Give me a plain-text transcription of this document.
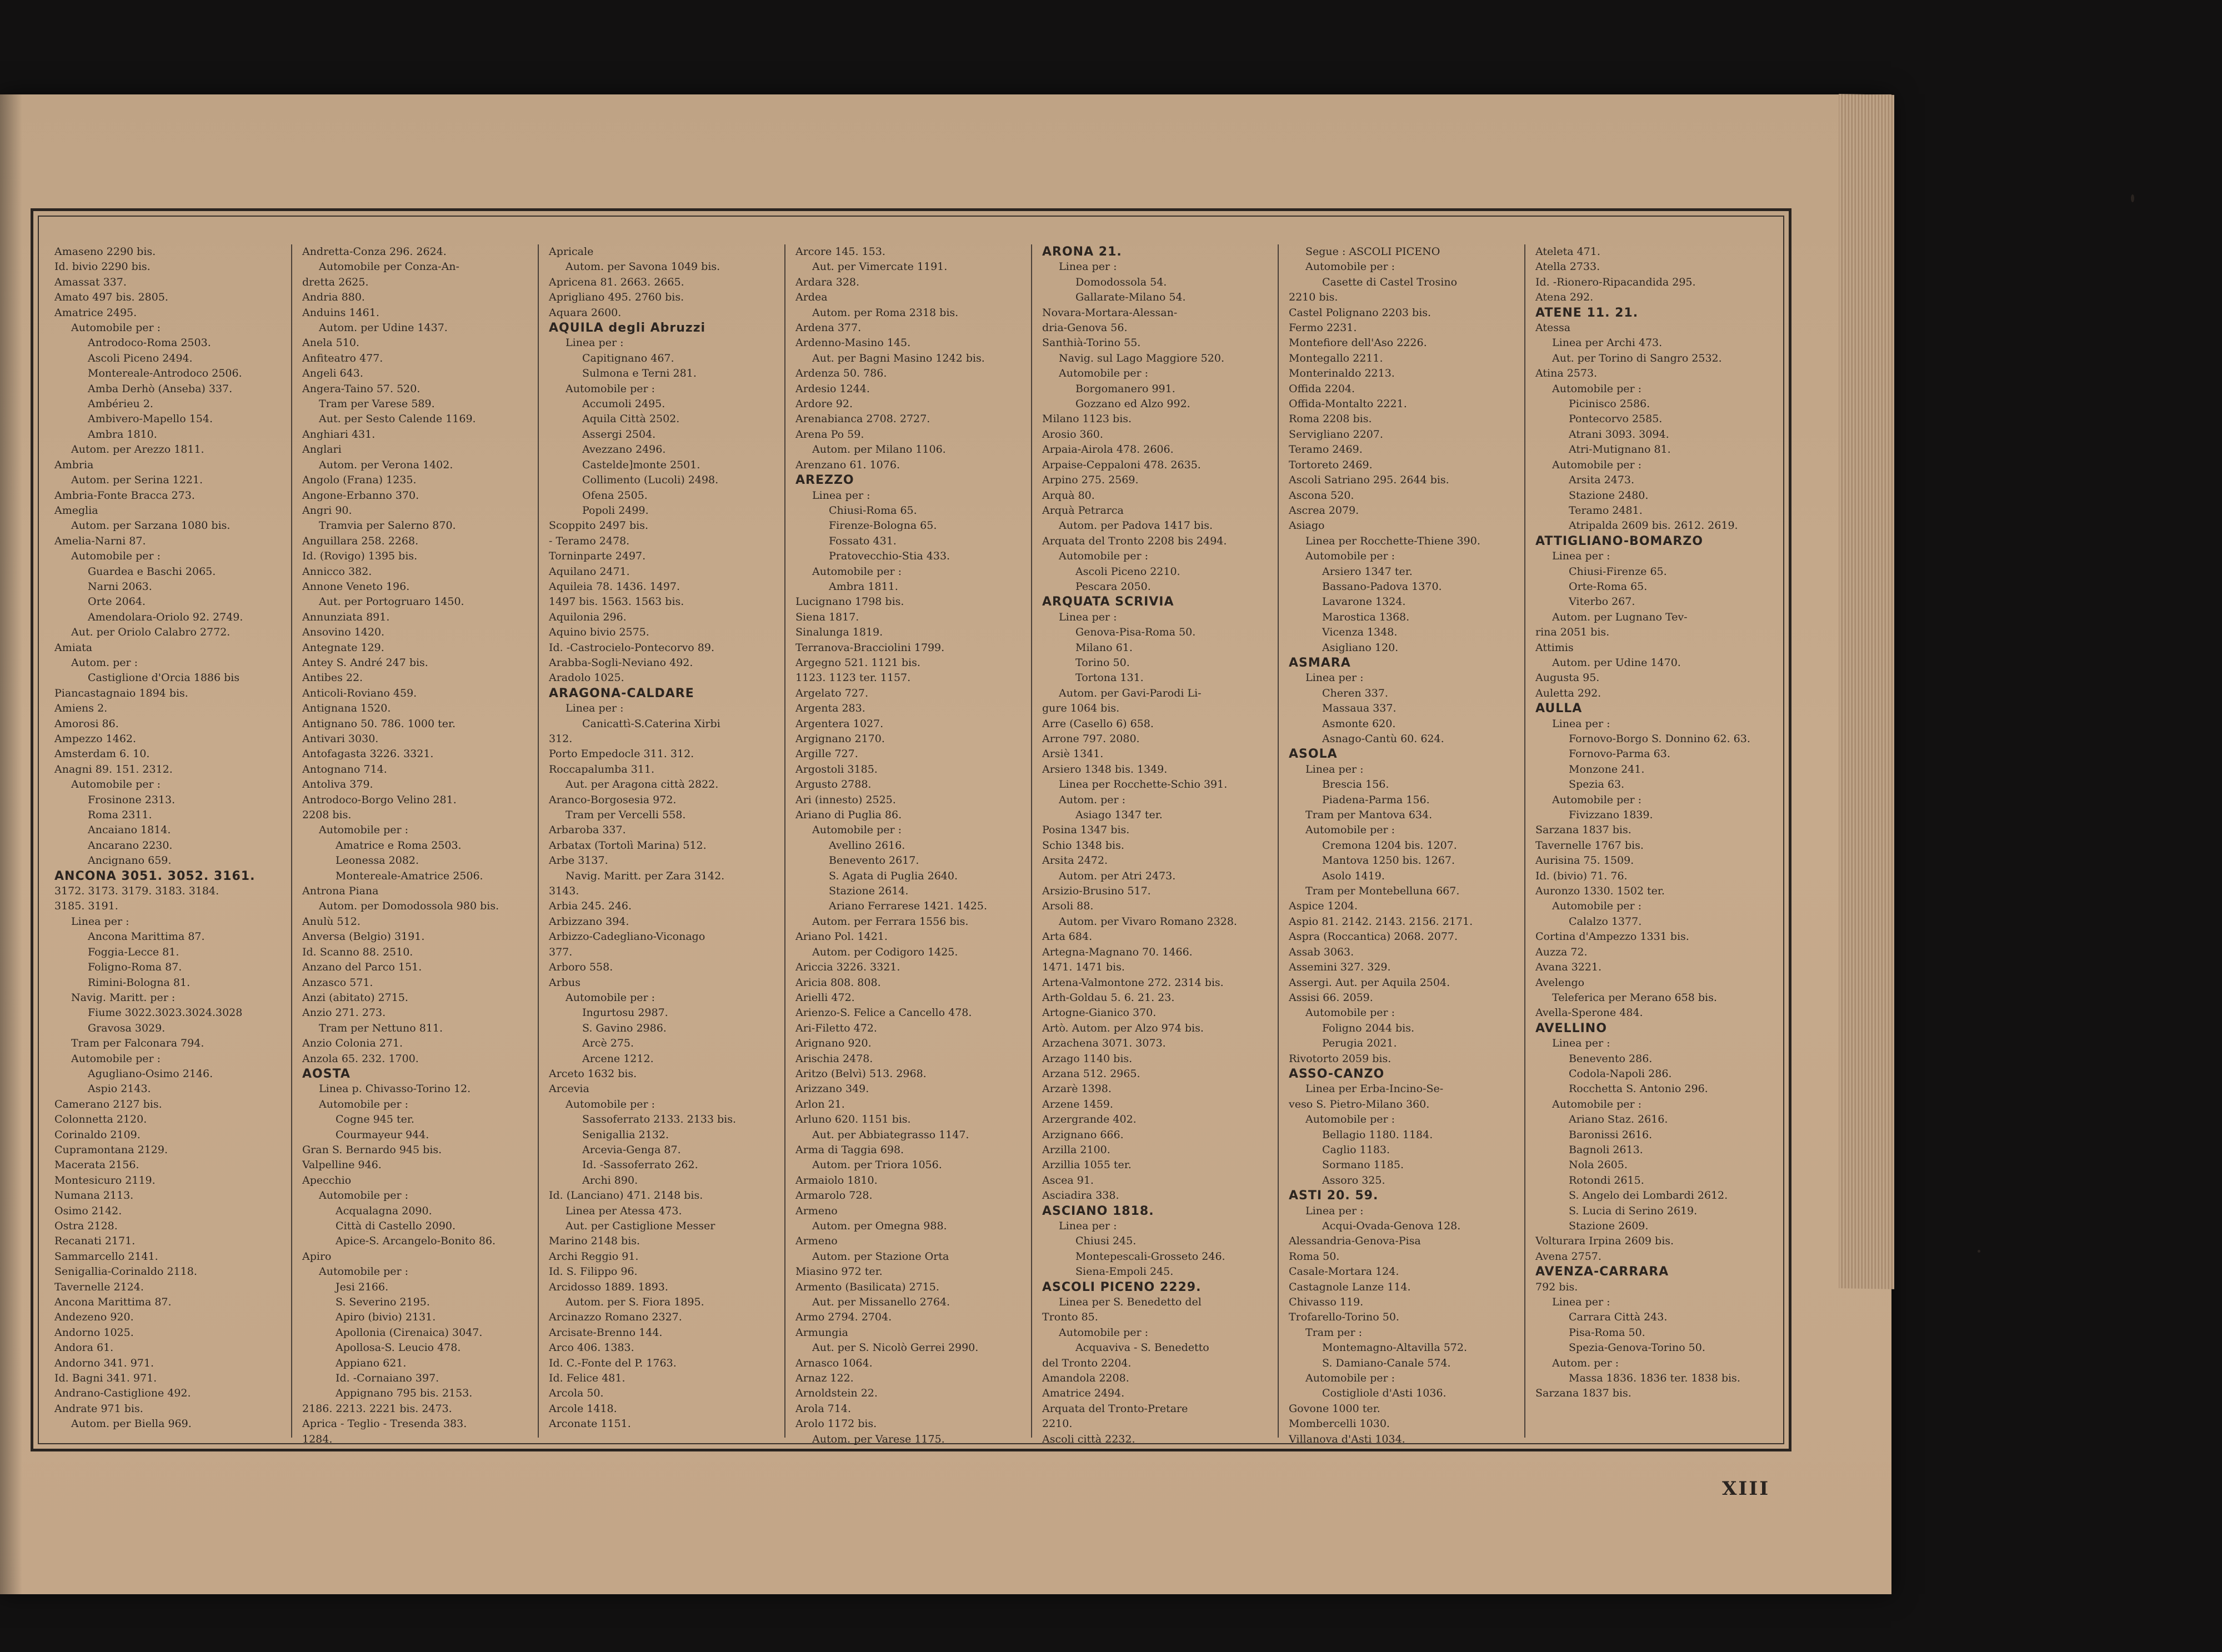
Amaseno 2290 bis.
Id. bivio 2290 bis.
Amassat 337.
Amato 497 bis. 2805.
Amatrice 2495.
Automobile per :
Antrodoco-Roma 2503.
Ascoli Piceno 2494.
Montereale-Antrodoco 2506.
Amba Derhò (Anseba) 337.
Ambérieu 2.
Ambivero-Mapello 154.
Ambra 1810.
Autom. per Arezzo 1811.
Ambria
Autom. per Serina 1221.
Ambria-Fonte Bracca 273.
Ameglia
Autom. per Sarzana 1080 bis.
Amelia-Narni 87.
Automobile per :
Guardea e Baschi 2065.
Narni 2063.
Orte 2064.
Amendolara-Oriolo 92. 2749.
Aut. per Oriolo Calabro 2772.
Amiata
Autom. per :
Castiglione d'Orcia 1886 bis
Piancastagnaio 1894 bis.
Amiens 2.
Amorosi 86.
Ampezzo 1462.
Amsterdam 6. 10.
Anagni 89. 151. 2312.
Automobile per :
Frosinone 2313.
Roma 2311.
Ancaiano 1814.
Ancarano 2230.
Ancignano 659.
ANCONA 3051. 3052. 3161.
3172. 3173. 3179. 3183. 3184.
3185. 3191.
Linea per :
Ancona Marittima 87.
Foggia-Lecce 81.
Foligno-Roma 87.
Rimini-Bologna 81.
Navig. Maritt. per :
Fiume 3022.3023.3024.3028
Gravosa 3029.
Tram per Falconara 794.
Automobile per :
Agugliano-Osimo 2146.
Aspio 2143.
Camerano 2127 bis.
Colonnetta 2120.
Corinaldo 2109.
Cupramontana 2129.
Macerata 2156.
Montesicuro 2119.
Numana 2113.
Osimo 2142.
Ostra 2128.
Recanati 2171.
Sammarcello 2141.
Senigallia-Corinaldo 2118.
Tavernelle 2124.
Ancona Marittima 87.
Andezeno 920.
Andorno 1025.
Andora 61.
Andorno 341. 971.
Id. Bagni 341. 971.
Andrano-Castiglione 492.
Andrate 971 bis.
Autom. per Biella 969.
Andretta-Conza 296. 2624.
Automobile per Conza-An-
dretta 2625.
Andria 880.
Anduins 1461.
Autom. per Udine 1437.
Anela 510.
Anfiteatro 477.
Angeli 643.
Angera-Taino 57. 520.
Tram per Varese 589.
Aut. per Sesto Calende 1169.
Anghiari 431.
Anglari
Autom. per Verona 1402.
Angolo (Frana) 1235.
Angone-Erbanno 370.
Angri 90.
Tramvia per Salerno 870.
Anguillara 258. 2268.
Id. (Rovigo) 1395 bis.
Annicco 382.
Annone Veneto 196.
Aut. per Portogruaro 1450.
Annunziata 891.
Ansovino 1420.
Antegnate 129.
Antey S. André 247 bis.
Antibes 22.
Anticoli-Roviano 459.
Antignana 1520.
Antignano 50. 786. 1000 ter.
Antivari 3030.
Antofagasta 3226. 3321.
Antognano 714.
Antoliva 379.
Antrodoco-Borgo Velino 281.
2208 bis.
Automobile per :
Amatrice e Roma 2503.
Leonessa 2082.
Montereale-Amatrice 2506.
Antrona Piana
Autom. per Domodossola 980 bis.
Anulù 512.
Anversa (Belgio) 3191.
Id. Scanno 88. 2510.
Anzano del Parco 151.
Anzasco 571.
Anzi (abitato) 2715.
Anzio 271. 273.
Tram per Nettuno 811.
Anzio Colonia 271.
Anzola 65. 232. 1700.
AOSTA
Linea p. Chivasso-Torino 12.
Automobile per :
Cogne 945 ter.
Courmayeur 944.
Gran S. Bernardo 945 bis.
Valpelline 946.
Apecchio
Automobile per :
Acqualagna 2090.
Città di Castello 2090.
Apice-S. Arcangelo-Bonito 86.
Apiro
Automobile per :
Jesi 2166.
S. Severino 2195.
Apiro (bivio) 2131.
Apollonia (Cirenaica) 3047.
Apollosa-S. Leucio 478.
Appiano 621.
Id. -Cornaiano 397.
Appignano 795 bis. 2153.
2186. 2213. 2221 bis. 2473.
Aprica - Teglio - Tresenda 383.
1284.
Apricale
Autom. per Savona 1049 bis.
Apricena 81. 2663. 2665.
Aprigliano 495. 2760 bis.
Aquara 2600.
AQUILA degli Abruzzi
Linea per :
Capitignano 467.
Sulmona e Terni 281.
Automobile per :
Accumoli 2495.
Aquila Città 2502.
Assergi 2504.
Avezzano 2496.
Castelde]monte 2501.
Collimento (Lucoli) 2498.
Ofena 2505.
Popoli 2499.
Scoppito 2497 bis.
- Teramo 2478.
Torninparte 2497.
Aquilano 2471.
Aquileia 78. 1436. 1497.
1497 bis. 1563. 1563 bis.
Aquilonia 296.
Aquino bivio 2575.
Id. -Castrocielo-Pontecorvo 89.
Arabba-Sogli-Neviano 492.
Aradolo 1025.
ARAGONA-CALDARE
Linea per :
Canicattì-S.Caterina Xirbi
312.
Porto Empedocle 311. 312.
Roccapalumba 311.
Aut. per Aragona città 2822.
Aranco-Borgosesia 972.
Tram per Vercelli 558.
Arbaroba 337.
Arbatax (Tortolì Marina) 512.
Arbe 3137.
Navig. Maritt. per Zara 3142.
3143.
Arbia 245. 246.
Arbizzano 394.
Arbizzo-Cadegliano-Viconago
377.
Arboro 558.
Arbus
Automobile per :
Ingurtosu 2987.
S. Gavino 2986.
Arcè 275.
Arcene 1212.
Arceto 1632 bis.
Arcevia
Automobile per :
Sassoferrato 2133. 2133 bis.
Senigallia 2132.
Arcevia-Genga 87.
Id. -Sassoferrato 262.
Archi 890.
Id. (Lanciano) 471. 2148 bis.
Linea per Atessa 473.
Aut. per Castiglione Messer
Marino 2148 bis.
Archi Reggio 91.
Id. S. Filippo 96.
Arcidosso 1889. 1893.
Autom. per S. Fiora 1895.
Arcinazzo Romano 2327.
Arcisate-Brenno 144.
Arco 406. 1383.
Id. C.-Fonte del P. 1763.
Id. Felice 481.
Arcola 50.
Arcole 1418.
Arconate 1151.
Arcore 145. 153.
Aut. per Vimercate 1191.
Ardara 328.
Ardea
Autom. per Roma 2318 bis.
Ardena 377.
Ardenno-Masino 145.
Aut. per Bagni Masino 1242 bis.
Ardenza 50. 786.
Ardesio 1244.
Ardore 92.
Arenabianca 2708. 2727.
Arena Po 59.
Autom. per Milano 1106.
Arenzano 61. 1076.
AREZZO
Linea per :
Chiusi-Roma 65.
Firenze-Bologna 65.
Fossato 431.
Pratovecchio-Stia 433.
Automobile per :
Ambra 1811.
Lucignano 1798 bis.
Siena 1817.
Sinalunga 1819.
Terranova-Bracciolini 1799.
Argegno 521. 1121 bis.
1123. 1123 ter. 1157.
Argelato 727.
Argenta 283.
Argentera 1027.
Argignano 2170.
Argille 727.
Argostoli 3185.
Argusto 2788.
Ari (innesto) 2525.
Ariano di Puglia 86.
Automobile per :
Avellino 2616.
Benevento 2617.
S. Agata di Puglia 2640.
Stazione 2614.
Ariano Ferrarese 1421. 1425.
Autom. per Ferrara 1556 bis.
Ariano Pol. 1421.
Autom. per Codigoro 1425.
Ariccia 3226. 3321.
Aricia 808. 808.
Arielli 472.
Arienzo-S. Felice a Cancello 478.
Ari-Filetto 472.
Arignano 920.
Arischia 2478.
Aritzo (Belvì) 513. 2968.
Arizzano 349.
Arlon 21.
Arluno 620. 1151 bis.
Aut. per Abbiategrasso 1147.
Arma di Taggia 698.
Autom. per Triora 1056.
Armaiolo 1810.
Armarolo 728.
Armeno
Autom. per Omegna 988.
Armeno
Autom. per Stazione Orta
Miasino 972 ter.
Armento (Basilicata) 2715.
Aut. per Missanello 2764.
Armo 2794. 2704.
Armungia
Aut. per S. Nicolò Gerrei 2990.
Arnasco 1064.
Arnaz 122.
Arnoldstein 22.
Arola 714.
Arolo 1172 bis.
Autom. per Varese 1175.
ARONA 21.
Linea per :
Domodossola 54.
Gallarate-Milano 54.
Novara-Mortara-Alessan-
dria-Genova 56.
Santhià-Torino 55.
Navig. sul Lago Maggiore 520.
Automobile per :
Borgomanero 991.
Gozzano ed Alzo 992.
Milano 1123 bis.
Arosio 360.
Arpaia-Airola 478. 2606.
Arpaise-Ceppaloni 478. 2635.
Arpino 275. 2569.
Arquà 80.
Arquà Petrarca
Autom. per Padova 1417 bis.
Arquata del Tronto 2208 bis 2494.
Automobile per :
Ascoli Piceno 2210.
Pescara 2050.
ARQUATA SCRIVIA
Linea per :
Genova-Pisa-Roma 50.
Milano 61.
Torino 50.
Tortona 131.
Autom. per Gavi-Parodi Li-
gure 1064 bis.
Arre (Casello 6) 658.
Arrone 797. 2080.
Arsiè 1341.
Arsiero 1348 bis. 1349.
Linea per Rocchette-Schio 391.
Autom. per :
Asiago 1347 ter.
Posina 1347 bis.
Schio 1348 bis.
Arsita 2472.
Autom. per Atri 2473.
Arsizio-Brusino 517.
Arsoli 88.
Autom. per Vivaro Romano 2328.
Arta 684.
Artegna-Magnano 70. 1466.
1471. 1471 bis.
Artena-Valmontone 272. 2314 bis.
Arth-Goldau 5. 6. 21. 23.
Artogne-Gianico 370.
Artò. Autom. per Alzo 974 bis.
Arzachena 3071. 3073.
Arzago 1140 bis.
Arzana 512. 2965.
Arzarè 1398.
Arzene 1459.
Arzergrande 402.
Arzignano 666.
Arzilla 2100.
Arzillia 1055 ter.
Ascea 91.
Asciadira 338.
ASCIANO 1818.
Linea per :
Chiusi 245.
Montepescali-Grosseto 246.
Siena-Empoli 245.
ASCOLI PICENO 2229.
Linea per S. Benedetto del
Tronto 85.
Automobile per :
Acquaviva - S. Benedetto
del Tronto 2204.
Amandola 2208.
Amatrice 2494.
Arquata del Tronto-Pretare
2210.
Ascoli città 2232.
Segue : ASCOLI PICENO
Automobile per :
Casette di Castel Trosino
2210 bis.
Castel Polignano 2203 bis.
Fermo 2231.
Montefiore dell'Aso 2226.
Montegallo 2211.
Monterinaldo 2213.
Offida 2204.
Offida-Montalto 2221.
Roma 2208 bis.
Servigliano 2207.
Teramo 2469.
Tortoreto 2469.
Ascoli Satriano 295. 2644 bis.
Ascona 520.
Ascrea 2079.
Asiago
Linea per Rocchette-Thiene 390.
Automobile per :
Arsiero 1347 ter.
Bassano-Padova 1370.
Lavarone 1324.
Marostica 1368.
Vicenza 1348.
Asigliano 120.
ASMARA
Linea per :
Cheren 337.
Massaua 337.
Asmonte 620.
Asnago-Cantù 60. 624.
ASOLA
Linea per :
Brescia 156.
Piadena-Parma 156.
Tram per Mantova 634.
Automobile per :
Cremona 1204 bis. 1207.
Mantova 1250 bis. 1267.
Asolo 1419.
Tram per Montebelluna 667.
Aspice 1204.
Aspio 81. 2142. 2143. 2156. 2171.
Aspra (Roccantica) 2068. 2077.
Assab 3063.
Assemini 327. 329.
Assergi. Aut. per Aquila 2504.
Assisi 66. 2059.
Automobile per :
Foligno 2044 bis.
Perugia 2021.
Rivotorto 2059 bis.
ASSO-CANZO
Linea per Erba-Incino-Se-
veso S. Pietro-Milano 360.
Automobile per :
Bellagio 1180. 1184.
Caglio 1183.
Sormano 1185.
Assoro 325.
ASTI 20. 59.
Linea per :
Acqui-Ovada-Genova 128.
Alessandria-Genova-Pisa
Roma 50.
Casale-Mortara 124.
Castagnole Lanze 114.
Chivasso 119.
Trofarello-Torino 50.
Tram per :
Montemagno-Altavilla 572.
S. Damiano-Canale 574.
Automobile per :
Costigliole d'Asti 1036.
Govone 1000 ter.
Mombercelli 1030.
Villanova d'Asti 1034.
Ateleta 471.
Atella 2733.
Id. -Rionero-Ripacandida 295.
Atena 292.
ATENE 11. 21.
Atessa
Linea per Archi 473.
Aut. per Torino di Sangro 2532.
Atina 2573.
Automobile per :
Picinisco 2586.
Pontecorvo 2585.
Atrani 3093. 3094.
Atri-Mutignano 81.
Automobile per :
Arsita 2473.
Stazione 2480.
Teramo 2481.
Atripalda 2609 bis. 2612. 2619.
ATTIGLIANO-BOMARZO
Linea per :
Chiusi-Firenze 65.
Orte-Roma 65.
Viterbo 267.
Autom. per Lugnano Tev-
rina 2051 bis.
Attimis
Autom. per Udine 1470.
Augusta 95.
Auletta 292.
AULLA
Linea per :
Fornovo-Borgo S. Donnino 62. 63.
Fornovo-Parma 63.
Monzone 241.
Spezia 63.
Automobile per :
Fivizzano 1839.
Sarzana 1837 bis.
Tavernelle 1767 bis.
Aurisina 75. 1509.
Id. (bivio) 71. 76.
Auronzo 1330. 1502 ter.
Automobile per :
Calalzo 1377.
Cortina d'Ampezzo 1331 bis.
Auzza 72.
Avana 3221.
Avelengo
Teleferica per Merano 658 bis.
Avella-Sperone 484.
AVELLINO
Linea per :
Benevento 286.
Codola-Napoli 286.
Rocchetta S. Antonio 296.
Automobile per :
Ariano Staz. 2616.
Baronissi 2616.
Bagnoli 2613.
Nola 2605.
Rotondi 2615.
S. Angelo dei Lombardi 2612.
S. Lucia di Serino 2619.
Stazione 2609.
Volturara Irpina 2609 bis.
Avena 2757.
AVENZA-CARRARA
792 bis.
Linea per :
Carrara Città 243.
Pisa-Roma 50.
Spezia-Genova-Torino 50.
Autom. per :
Massa 1836. 1836 ter. 1838 bis.
Sarzana 1837 bis.
XIII
